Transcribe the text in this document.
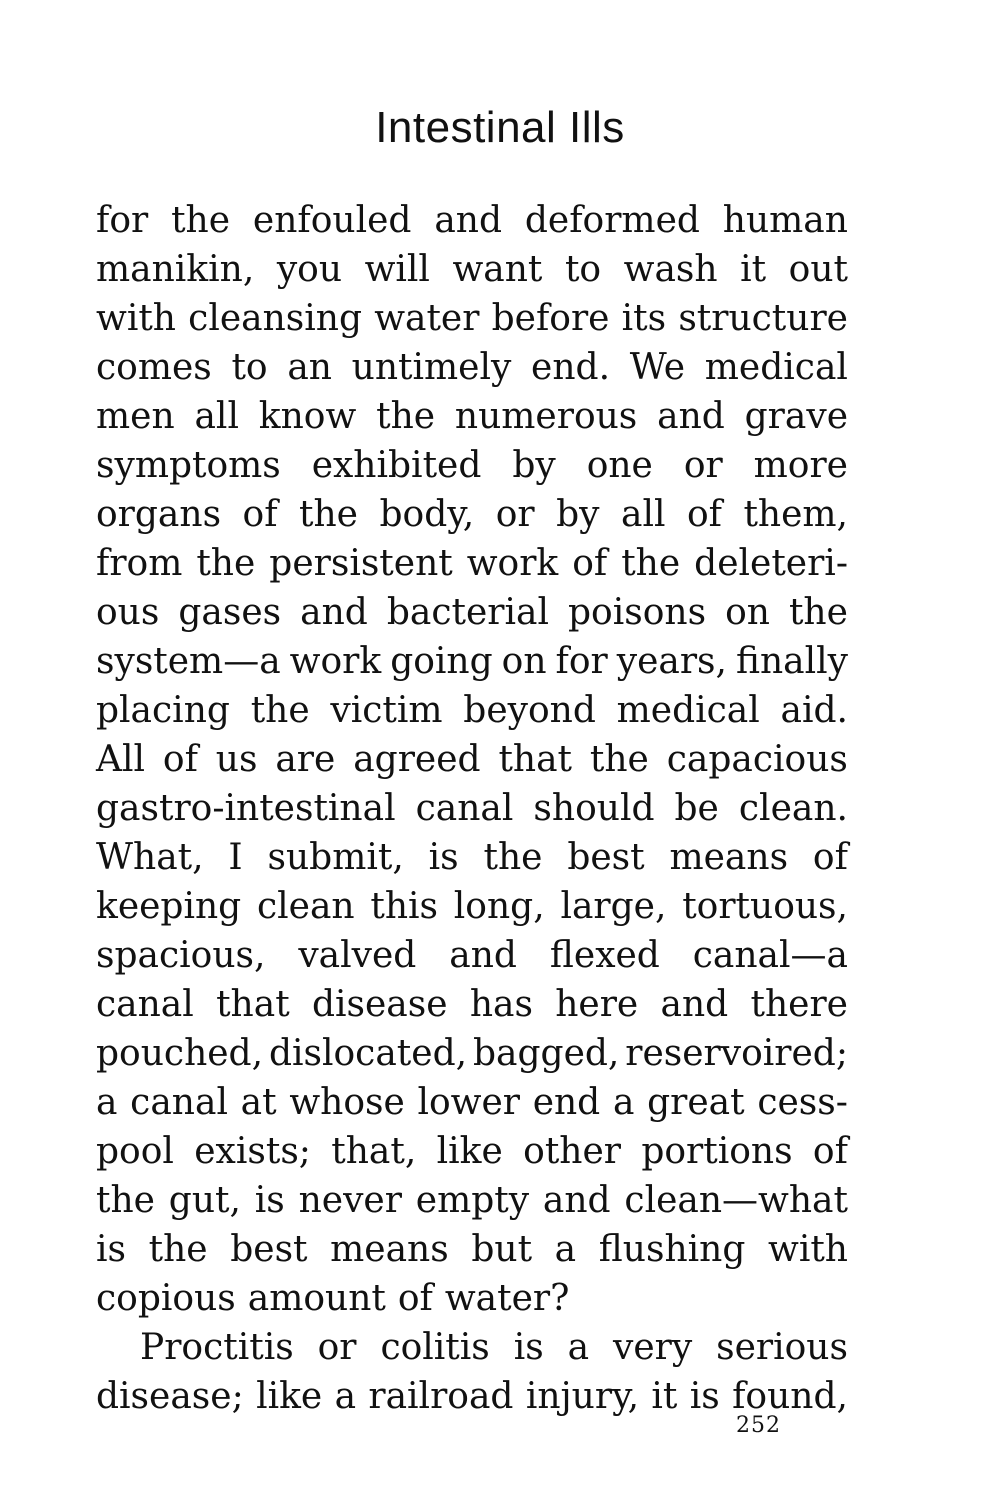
Intestinal Ills
for the enfouled and deformed human
manikin, you will want to wash it out
with cleansing water before its structure
comes to an untimely end. We medical
men all know the numerous and grave
symptoms exhibited by one or more
organs of the body, or by all of them,
from the persistent work of the deleteri-
ous gases and bacterial poisons on the
system—a work going on for years, finally
placing the victim beyond medical aid.
All of us are agreed that the capacious
gastro-intestinal canal should be clean.
What, I submit, is the best means of
keeping clean this long, large, tortuous,
spacious, valved and flexed canal—a
canal that disease has here and there
pouched, dislocated, bagged, reservoired;
a canal at whose lower end a great cess-
pool exists; that, like other portions of
the gut, is never empty and clean—what
is the best means but a flushing with
copious amount of water?
Proctitis or colitis is a very serious
disease; like a railroad injury, it is found,
252
